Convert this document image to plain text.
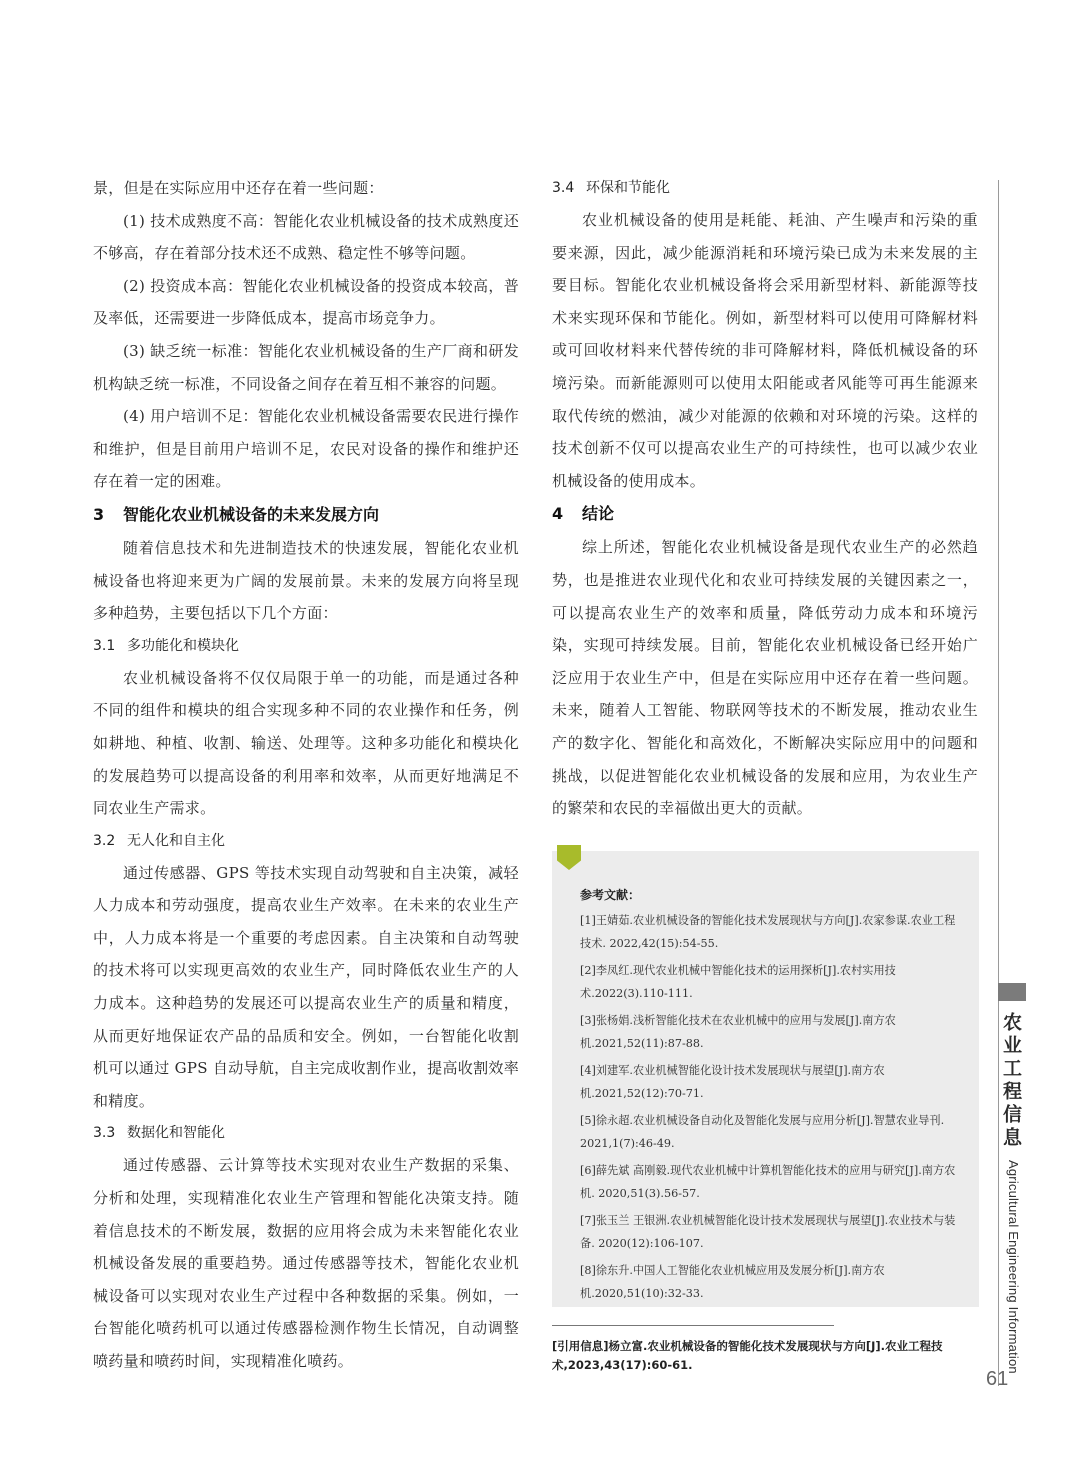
景，但是在实际应用中还存在着一些问题：

(1) 技术成熟度不高：智能化农业机械设备的技术成熟度还不够高，存在着部分技术还不成熟、稳定性不够等问题。

(2) 投资成本高：智能化农业机械设备的投资成本较高，普及率低，还需要进一步降低成本，提高市场竞争力。

(3) 缺乏统一标准：智能化农业机械设备的生产厂商和研发机构缺乏统一标准，不同设备之间存在着互相不兼容的问题。

(4) 用户培训不足：智能化农业机械设备需要农民进行操作和维护，但是目前用户培训不足，农民对设备的操作和维护还存在着一定的困难。

3 智能化农业机械设备的未来发展方向

随着信息技术和先进制造技术的快速发展，智能化农业机械设备也将迎来更为广阔的发展前景。未来的发展方向将呈现多种趋势，主要包括以下几个方面：

3.1 多功能化和模块化

农业机械设备将不仅仅局限于单一的功能，而是通过各种不同的组件和模块的组合实现多种不同的农业操作和任务，例如耕地、种植、收割、输送、处理等。这种多功能化和模块化的发展趋势可以提高设备的利用率和效率，从而更好地满足不同农业生产需求。

3.2 无人化和自主化

通过传感器、GPS 等技术实现自动驾驶和自主决策，减轻人力成本和劳动强度，提高农业生产效率。在未来的农业生产中，人力成本将是一个重要的考虑因素。自主决策和自动驾驶的技术将可以实现更高效的农业生产，同时降低农业生产的人力成本。这种趋势的发展还可以提高农业生产的质量和精度，从而更好地保证农产品的品质和安全。例如，一台智能化收割机可以通过 GPS 自动导航，自主完成收割作业，提高收割效率和精度。

3.3 数据化和智能化

通过传感器、云计算等技术实现对农业生产数据的采集、分析和处理，实现精准化农业生产管理和智能化决策支持。随着信息技术的不断发展，数据的应用将会成为未来智能化农业机械设备发展的重要趋势。通过传感器等技术，智能化农业机械设备可以实现对农业生产过程中各种数据的采集。例如，一台智能化喷药机可以通过传感器检测作物生长情况，自动调整喷药量和喷药时间，实现精准化喷药。

3.4 环保和节能化

农业机械设备的使用是耗能、耗油、产生噪声和污染的重要来源，因此，减少能源消耗和环境污染已成为未来发展的主要目标。智能化农业机械设备将会采用新型材料、新能源等技术来实现环保和节能化。例如，新型材料可以使用可降解材料或可回收材料来代替传统的非可降解材料，降低机械设备的环境污染。而新能源则可以使用太阳能或者风能等可再生能源来取代传统的燃油，减少对能源的依赖和对环境的污染。这样的技术创新不仅可以提高农业生产的可持续性，也可以减少农业机械设备的使用成本。

4 结论

综上所述，智能化农业机械设备是现代农业生产的必然趋势，也是推进农业现代化和农业可持续发展的关键因素之一，可以提高农业生产的效率和质量，降低劳动力成本和环境污染，实现可持续发展。目前，智能化农业机械设备已经开始广泛应用于农业生产中，但是在实际应用中还存在着一些问题。未来，随着人工智能、物联网等技术的不断发展，推动农业生产的数字化、智能化和高效化，不断解决实际应用中的问题和挑战，以促进智能化农业机械设备的发展和应用，为农业生产的繁荣和农民的幸福做出更大的贡献。

参考文献：

[1]王婧茹.农业机械设备的智能化技术发展现状与方向[J].农家参谋.农业工程技术. 2022,42(15):54-55.

[2]李凤红.现代农业机械中智能化技术的运用探析[J].农村实用技术.2022(3).110-111.

[3]张杨娟.浅析智能化技术在农业机械中的应用与发展[J].南方农机.2021,52(11):87-88.

[4]刘建军.农业机械智能化设计技术发展现状与展望[J].南方农机.2021,52(12):70-71.

[5]徐永超.农业机械设备自动化及智能化发展与应用分析[J].智慧农业导刊. 2021,1(7):46-49.

[6]薛先斌 高刚毅.现代农业机械中计算机智能化技术的应用与研究[J].南方农机. 2020,51(3).56-57.

[7]张玉兰 王银洲.农业机械智能化设计技术发展现状与展望[J].农业技术与装备. 2020(12):106-107.

[8]徐东升.中国人工智能化农业机械应用及发展分析[J].南方农机.2020,51(10):32-33.

[引用信息]杨立富.农业机械设备的智能化技术发展现状与方向[J].农业工程技术,2023,43(17):60-61.

农业工程信息
Agricultural Engineering Information
61
